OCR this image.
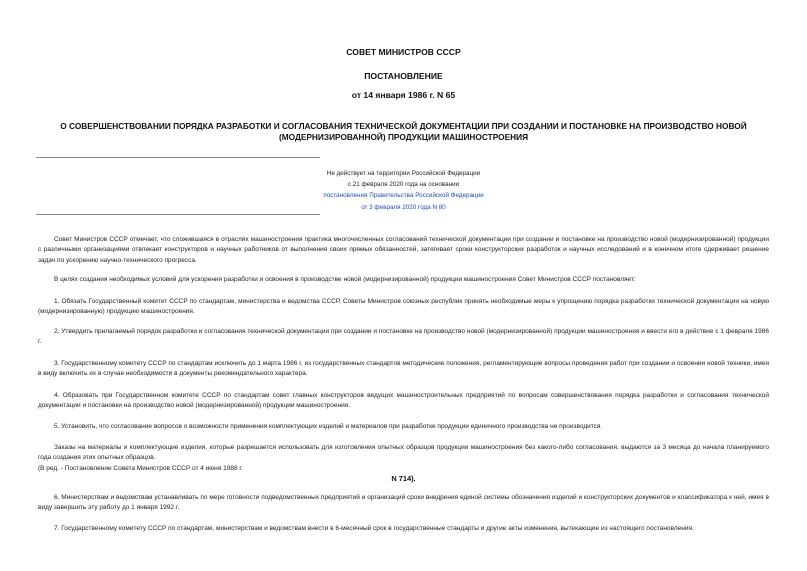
СОВЕТ МИНИСТРОВ СССР
ПОСТАНОВЛЕНИЕ
от 14 января 1986 г. N 65
О СОВЕРШЕНСТВОВАНИИ ПОРЯДКА РАЗРАБОТКИ И СОГЛАСОВАНИЯ ТЕХНИЧЕСКОЙ ДОКУМЕНТАЦИИ ПРИ СОЗДАНИИ И ПОСТАНОВКЕ НА ПРОИЗВОДСТВО НОВОЙ (МОДЕРНИЗИРОВАННОЙ) ПРОДУКЦИИ МАШИНОСТРОЕНИЯ
Не действует на территории Российской Федерации
с 21 февраля 2020 года на основании
постановления Правительства Российской Федерации
от 3 февраля 2020 года N 80
Совет Министров СССР отмечает, что сложившаяся в отраслях машиностроения практика многочисленных согласований технической документации при создании и постановке на производство новой (модернизированной) продукции с различными организациями отвлекает конструкторов и научных работников от выполнения своих прямых обязанностей, затягивает сроки конструкторских разработок и научных исследований и в конечном итоге сдерживает решение задач по ускорению научно-технического прогресса.
В целях создания необходимых условий для ускорения разработки и освоения в производстве новой (модернизированной) продукции машиностроения Совет Министров СССР постановляет:
1. Обязать Государственный комитет СССР по стандартам, министерства и ведомства СССР, Советы Министров союзных республик принять необходимые меры к упрощению порядка разработки технической документации на новую (модернизированную) продукцию машиностроения.
2. Утвердить прилагаемый порядок разработки и согласования технической документации при создании и постановке на производство новой (модернизированной) продукции машиностроения и ввести его в действие с 1 февраля 1986 г.
3. Государственному комитету СССР по стандартам исключить до 1 марта 1986 г. из государственных стандартов методические положения, регламентирующие вопросы проведения работ при создании и освоении новой техники, имея в виду включить их в случае необходимости в документы рекомендательного характера.
4. Образовать при Государственном комитете СССР по стандартам совет главных конструкторов ведущих машиностроительных предприятий по вопросам совершенствования порядка разработки и согласования технической документации и постановки на производство новой (модернизированной) продукции машиностроения.
5. Установить, что согласование вопросов о возможности применения комплектующих изделий и материалов при разработке продукции единичного производства не производится.
Заказы на материалы и комплектующие изделия, которые разрешается использовать для изготовления опытных образцов продукции машиностроения без какого-либо согласования, выдаются за 3 месяца до начала планируемого года создания этих опытных образцов.
(В ред. - Постановление Совета Министров СССР от 4 июня 1988 г.
N 714).
6. Министерствам и ведомствам устанавливать по мере готовности подведомственных предприятий и организаций сроки внедрения единой системы обозначения изделий и конструкторских документов и классификатора к ней, имея в виду завершить эту работу до 1 января 1992 г.
7. Государственному комитету СССР по стандартам, министерствам и ведомствам внести в 6-месячный срок в государственные стандарты и другие акты изменения, вытекающие из настоящего постановления.
